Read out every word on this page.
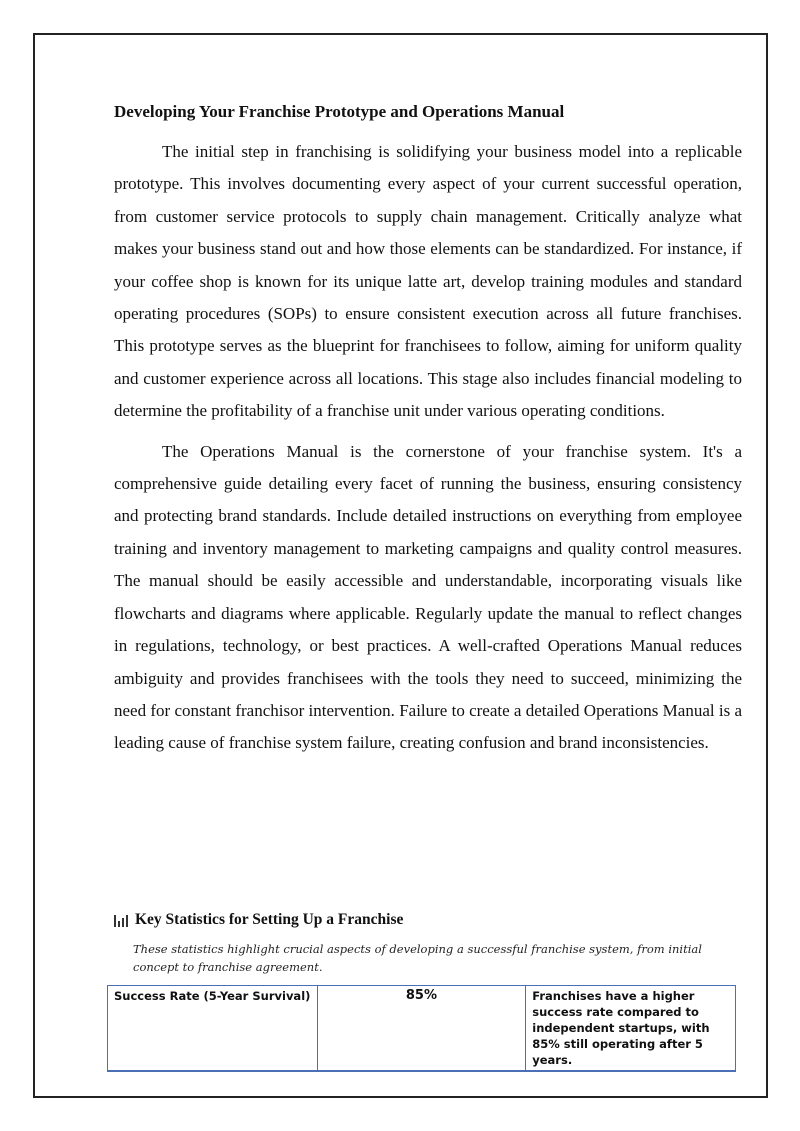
Developing Your Franchise Prototype and Operations Manual

The initial step in franchising is solidifying your business model into a replicable prototype. This involves documenting every aspect of your current successful operation, from customer service protocols to supply chain management. Critically analyze what makes your business stand out and how those elements can be standardized. For instance, if your coffee shop is known for its unique latte art, develop training modules and standard operating procedures (SOPs) to ensure consistent execution across all future franchises. This prototype serves as the blueprint for franchisees to follow, aiming for uniform quality and customer experience across all locations. This stage also includes financial modeling to determine the profitability of a franchise unit under various operating conditions.

The Operations Manual is the cornerstone of your franchise system. It's a comprehensive guide detailing every facet of running the business, ensuring consistency and protecting brand standards. Include detailed instructions on everything from employee training and inventory management to marketing campaigns and quality control measures. The manual should be easily accessible and understandable, incorporating visuals like flowcharts and diagrams where applicable. Regularly update the manual to reflect changes in regulations, technology, or best practices. A well-crafted Operations Manual reduces ambiguity and provides franchisees with the tools they need to succeed, minimizing the need for constant franchisor intervention. Failure to create a detailed Operations Manual is a leading cause of franchise system failure, creating confusion and brand inconsistencies.

Key Statistics for Setting Up a Franchise

These statistics highlight crucial aspects of developing a successful franchise system, from initial concept to franchise agreement.

Success Rate (5-Year Survival)	85%	Franchises have a higher success rate compared to independent startups, with 85% still operating after 5 years.
